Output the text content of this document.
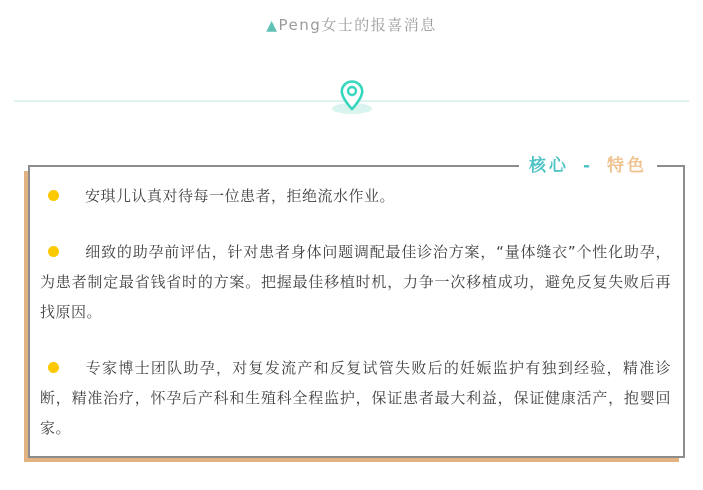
▲Peng女士的报喜消息
核心 - 特色

安琪儿认真对待每一位患者，拒绝流水作业。

细致的助孕前评估，针对患者身体问题调配最佳诊治方案，“量体缝衣”个性化助孕，为患者制定最省钱省时的方案。把握最佳移植时机，力争一次移植成功，避免反复失败后再找原因。

专家博士团队助孕，对复发流产和反复试管失败后的妊娠监护有独到经验，精准诊断，精准治疗，怀孕后产科和生殖科全程监护，保证患者最大利益，保证健康活产，抱婴回家。
